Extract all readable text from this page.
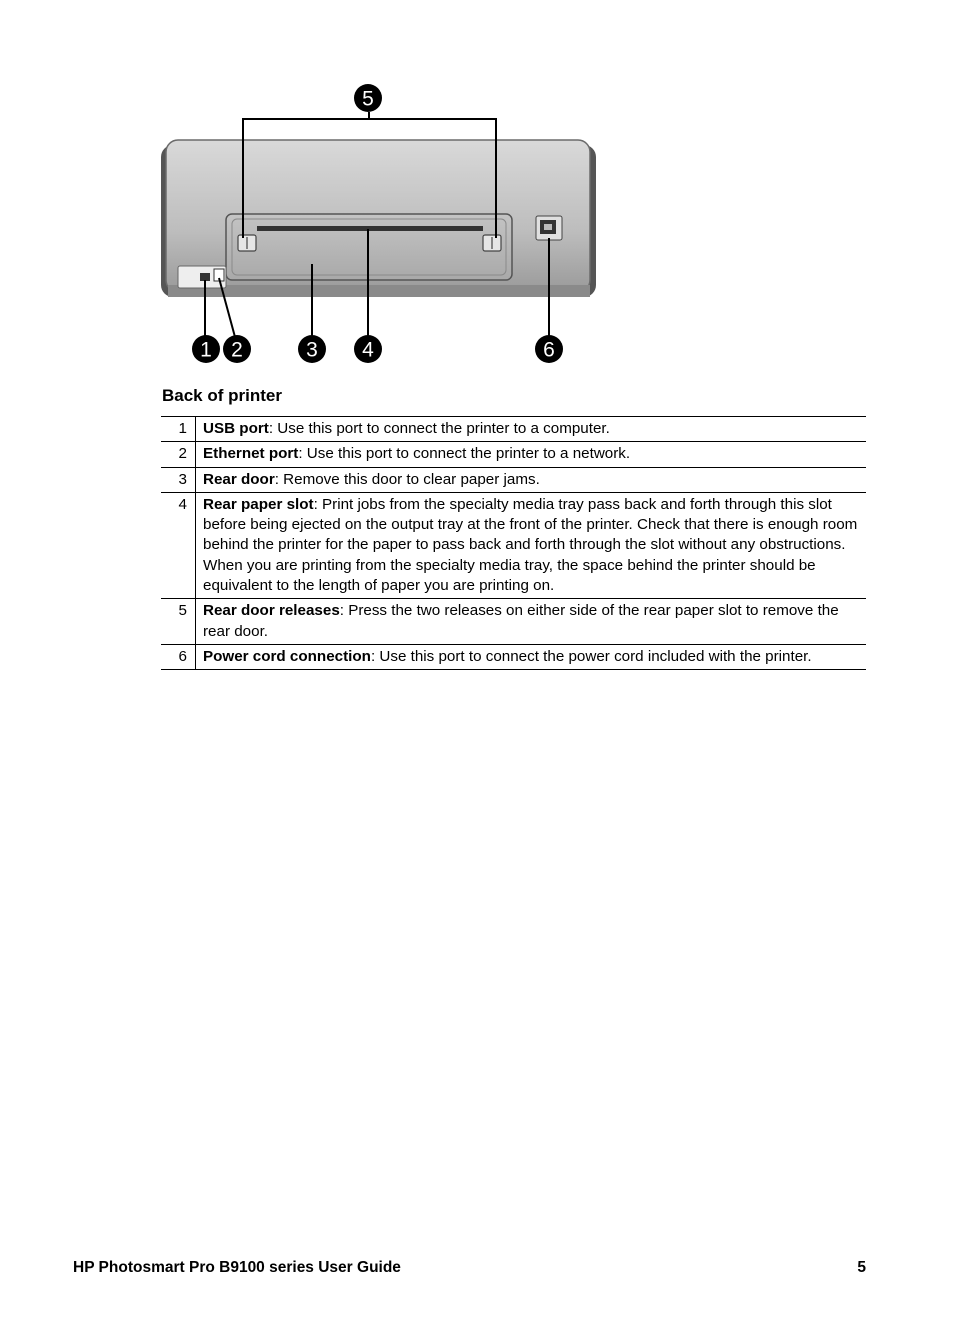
5
1 2	3 4	6
Back of printer
1	USB port: Use this port to connect the printer to a computer.
2	Ethernet port: Use this port to connect the printer to a network.
3	Rear door: Remove this door to clear paper jams.
4	Rear paper slot: Print jobs from the specialty media tray pass back and forth through this slot before being ejected on the output tray at the front of the printer. Check that there is enough room behind the printer for the paper to pass back and forth through the slot without any obstructions. When you are printing from the specialty media tray, the space behind the printer should be equivalent to the length of paper you are printing on.
5	Rear door releases: Press the two releases on either side of the rear paper slot to remove the rear door.
6	Power cord connection: Use this port to connect the power cord included with the printer.
HP Photosmart Pro B9100 series User Guide	5
